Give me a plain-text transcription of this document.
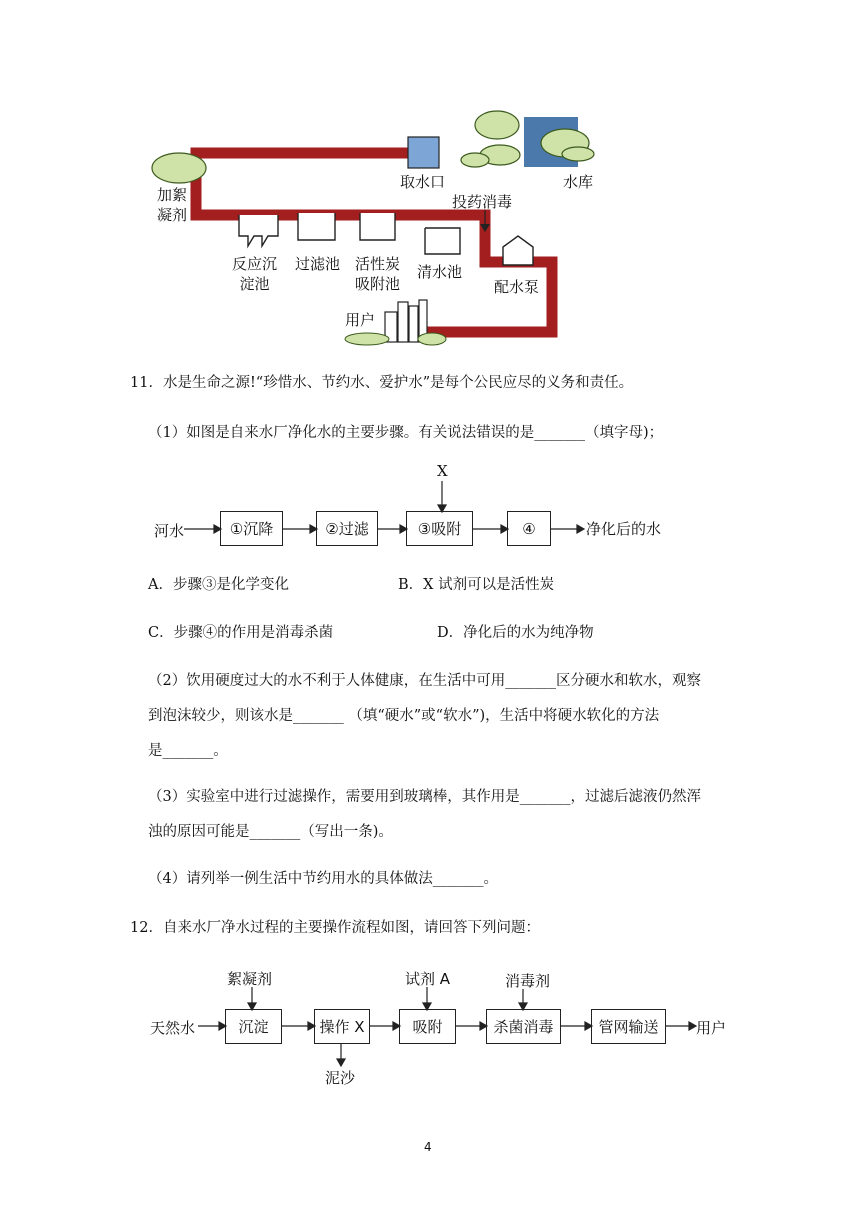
取水口	水库
投药消毒
加絮
凝剂
反应沉
淀池
过滤池 活性炭
吸附池
清水池
配水泵
用户
11．水是生命之源!“珍惜水、节约水、爱护水”是每个公民应尽的义务和责任。
（1）如图是自来水厂净化水的主要步骤。有关说法错误的是_______（填字母)；
河水
X
①沉降	②过滤	③吸附	④	净化后的水
A．步骤③是化学变化	B．X 试剂可以是活性炭
C．步骤④的作用是消毒杀菌	D．净化后的水为纯净物
（2）饮用硬度过大的水不利于人体健康，在生活中可用_______区分硬水和软水，观察
到泡沫较少，则该水是_______ （填“硬水”或“软水”)，生活中将硬水软化的方法
是_______。
（3）实验室中进行过滤操作，需要用到玻璃棒，其作用是_______，过滤后滤液仍然浑
浊的原因可能是_______（写出一条)。
（4）请列举一例生活中节约用水的具体做法_______。
12．自来水厂净水过程的主要操作流程如图，请回答下列问题：
天然水
絮凝剂	试剂 A	消毒剂
沉淀	操作 X	吸附	杀菌消毒	管网输送	用户
泥沙
4
